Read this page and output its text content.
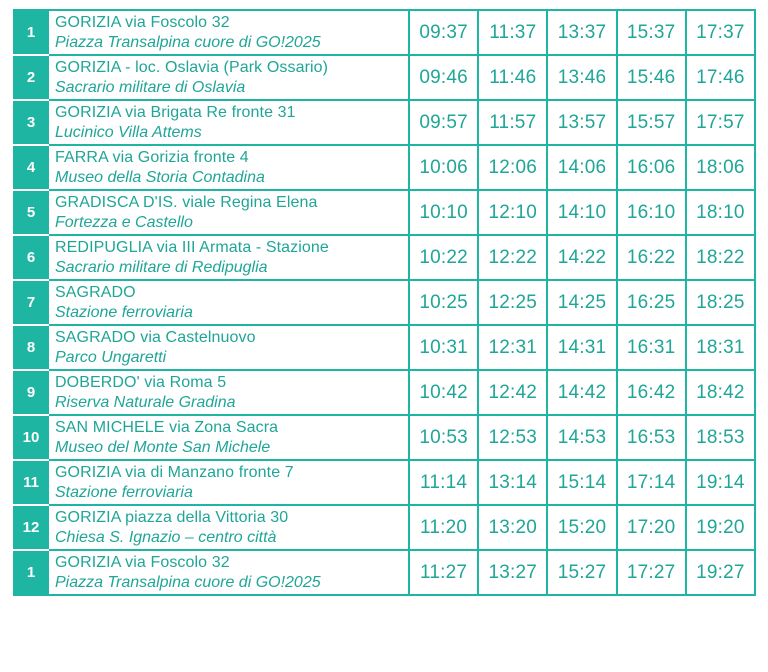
1	GORIZIA via Foscolo 32
Piazza Transalpina cuore di GO!2025	09:37	11:37	13:37	15:37	17:37
2	GORIZIA - loc. Oslavia (Park Ossario)
Sacrario militare di Oslavia	09:46	11:46	13:46	15:46	17:46
3	GORIZIA via Brigata Re fronte 31
Lucinico Villa Attems	09:57	11:57	13:57	15:57	17:57
4	FARRA via Gorizia fronte 4
Museo della Storia Contadina	10:06	12:06	14:06	16:06	18:06
5	GRADISCA D'IS. viale Regina Elena
Fortezza e Castello	10:10	12:10	14:10	16:10	18:10
6	REDIPUGLIA via III Armata - Stazione
Sacrario militare di Redipuglia	10:22	12:22	14:22	16:22	18:22
7	SAGRADO
Stazione ferroviaria	10:25	12:25	14:25	16:25	18:25
8	SAGRADO via Castelnuovo
Parco Ungaretti	10:31	12:31	14:31	16:31	18:31
9	DOBERDO' via Roma 5
Riserva Naturale Gradina	10:42	12:42	14:42	16:42	18:42
10	SAN MICHELE via Zona Sacra
Museo del Monte San Michele	10:53	12:53	14:53	16:53	18:53
11	GORIZIA via di Manzano fronte 7
Stazione ferroviaria	11:14	13:14	15:14	17:14	19:14
12	GORIZIA piazza della Vittoria 30
Chiesa S. Ignazio – centro città	11:20	13:20	15:20	17:20	19:20
1	GORIZIA via Foscolo 32
Piazza Transalpina cuore di GO!2025	11:27	13:27	15:27	17:27	19:27
